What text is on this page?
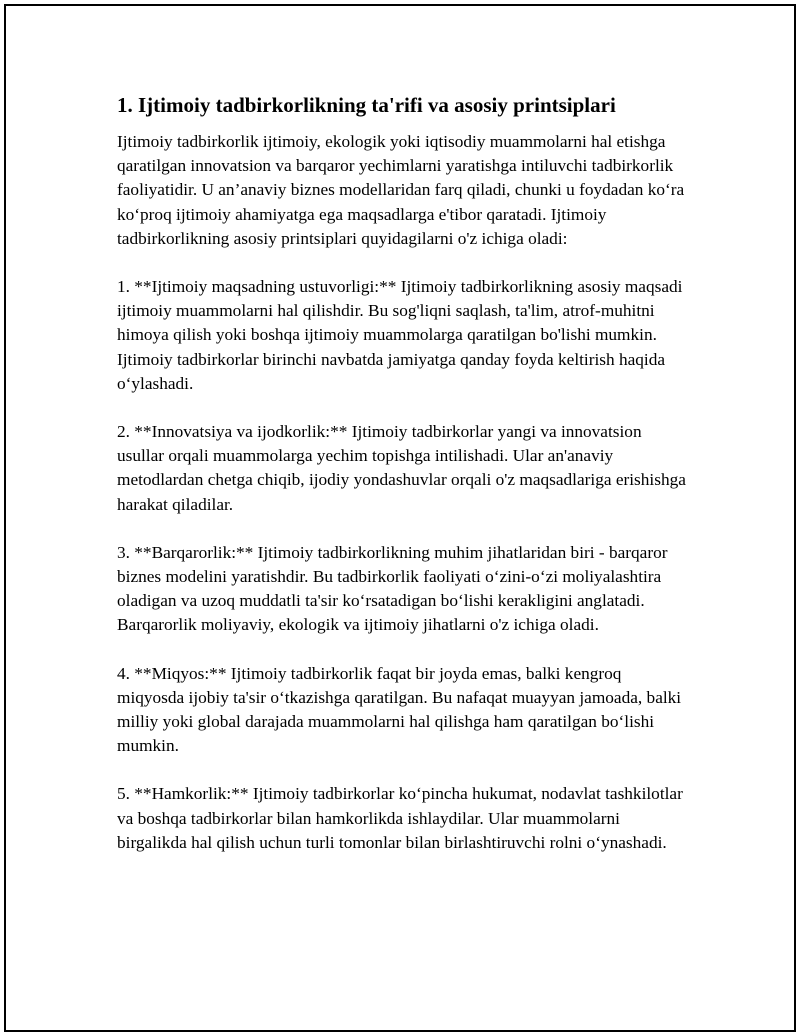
1. Ijtimoiy tadbirkorlikning ta'rifi va asosiy printsiplari

Ijtimoiy tadbirkorlik ijtimoiy, ekologik yoki iqtisodiy muammolarni hal etishga qaratilgan innovatsion va barqaror yechimlarni yaratishga intiluvchi tadbirkorlik faoliyatidir. U an’anaviy biznes modellaridan farq qiladi, chunki u foydadan ko‘ra ko‘proq ijtimoiy ahamiyatga ega maqsadlarga e'tibor qaratadi. Ijtimoiy tadbirkorlikning asosiy printsiplari quyidagilarni o'z ichiga oladi:

1. **Ijtimoiy maqsadning ustuvorligi:** Ijtimoiy tadbirkorlikning asosiy maqsadi ijtimoiy muammolarni hal qilishdir. Bu sog'liqni saqlash, ta'lim, atrof-muhitni himoya qilish yoki boshqa ijtimoiy muammolarga qaratilgan bo'lishi mumkin. Ijtimoiy tadbirkorlar birinchi navbatda jamiyatga qanday foyda keltirish haqida o‘ylashadi.

2. **Innovatsiya va ijodkorlik:** Ijtimoiy tadbirkorlar yangi va innovatsion usullar orqali muammolarga yechim topishga intilishadi. Ular an'anaviy metodlardan chetga chiqib, ijodiy yondashuvlar orqali o'z maqsadlariga erishishga harakat qiladilar.

3. **Barqarorlik:** Ijtimoiy tadbirkorlikning muhim jihatlaridan biri - barqaror biznes modelini yaratishdir. Bu tadbirkorlik faoliyati o‘zini-o‘zi moliyalashtira oladigan va uzoq muddatli ta'sir ko‘rsatadigan bo‘lishi kerakligini anglatadi. Barqarorlik moliyaviy, ekologik va ijtimoiy jihatlarni o'z ichiga oladi.

4. **Miqyos:** Ijtimoiy tadbirkorlik faqat bir joyda emas, balki kengroq miqyosda ijobiy ta'sir o‘tkazishga qaratilgan. Bu nafaqat muayyan jamoada, balki milliy yoki global darajada muammolarni hal qilishga ham qaratilgan bo‘lishi mumkin.

5. **Hamkorlik:** Ijtimoiy tadbirkorlar ko‘pincha hukumat, nodavlat tashkilotlar va boshqa tadbirkorlar bilan hamkorlikda ishlaydilar. Ular muammolarni birgalikda hal qilish uchun turli tomonlar bilan birlashtiruvchi rolni o‘ynashadi.
